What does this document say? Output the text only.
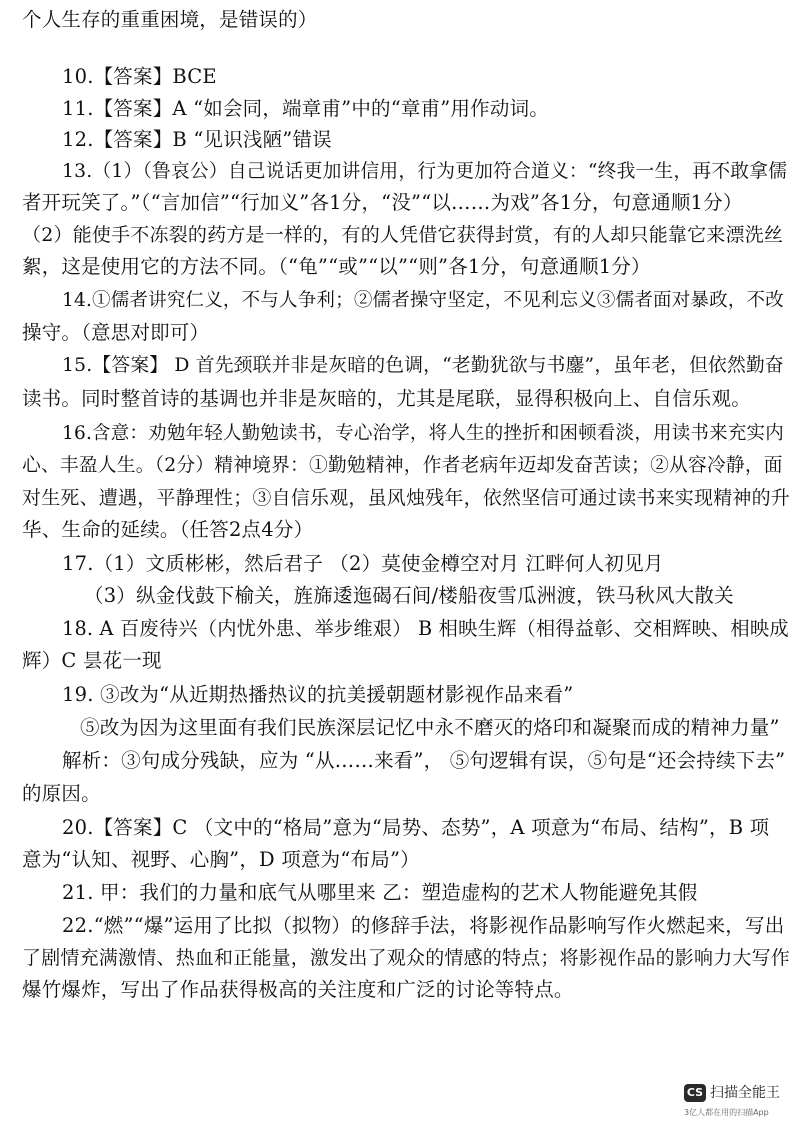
个人生存的重重困境，是错误的）
10.【答案】BCE
11.【答案】A “如会同，端章甫”中的“章甫”用作动词。
12.【答案】B “见识浅陋”错误
13.（1）（鲁哀公）自己说话更加讲信用，行为更加符合道义：“终我一生，再不敢拿儒
者开玩笑了。”（“言加信”“行加义”各1分，“没”“以……为戏”各1分，句意通顺1分）
（2）能使手不冻裂的药方是一样的，有的人凭借它获得封赏，有的人却只能靠它来漂洗丝
絮，这是使用它的方法不同。（“龟”“或”“以”“则”各1分，句意通顺1分）
14.①儒者讲究仁义，不与人争利；②儒者操守坚定，不见利忘义③儒者面对暴政，不改
操守。（意思对即可）
15.【答案】 D 首先颈联并非是灰暗的色调，“老勤犹欲与书鏖”，虽年老，但依然勤奋
读书。同时整首诗的基调也并非是灰暗的，尤其是尾联，显得积极向上、自信乐观。
16.含意：劝勉年轻人勤勉读书，专心治学，将人生的挫折和困顿看淡，用读书来充实内
心、丰盈人生。（2分）精神境界：①勤勉精神，作者老病年迈却发奋苦读；②从容冷静，面
对生死、遭遇，平静理性；③自信乐观，虽风烛残年，依然坚信可通过读书来实现精神的升
华、生命的延续。（任答2点4分）
17.（1）文质彬彬，然后君子 （2）莫使金樽空对月 江畔何人初见月
（3）纵金伐鼓下榆关，旌旆逶迤碣石间/楼船夜雪瓜洲渡，铁马秋风大散关
18. A 百废待兴（内忧外患、举步维艰） B 相映生辉（相得益彰、交相辉映、相映成
辉）C 昙花一现
19. ③改为“从近期热播热议的抗美援朝题材影视作品来看”
⑤改为因为这里面有我们民族深层记忆中永不磨灭的烙印和凝聚而成的精神力量”
解析：③句成分残缺，应为 “从……来看”， ⑤句逻辑有误，⑤句是“还会持续下去”
的原因。
20.【答案】C （文中的“格局”意为“局势、态势”，A 项意为“布局、结构”，B 项
意为“认知、视野、心胸”，D 项意为“布局”）
21. 甲：我们的力量和底气从哪里来 乙：塑造虚构的艺术人物能避免其假
22.“燃”“爆”运用了比拟（拟物）的修辞手法，将影视作品影响写作火燃起来，写出
了剧情充满激情、热血和正能量，激发出了观众的情感的特点；将影视作品的影响力大写作
爆竹爆炸，写出了作品获得极高的关注度和广泛的讨论等特点。
CS 扫描全能王
3亿人都在用的扫描App
